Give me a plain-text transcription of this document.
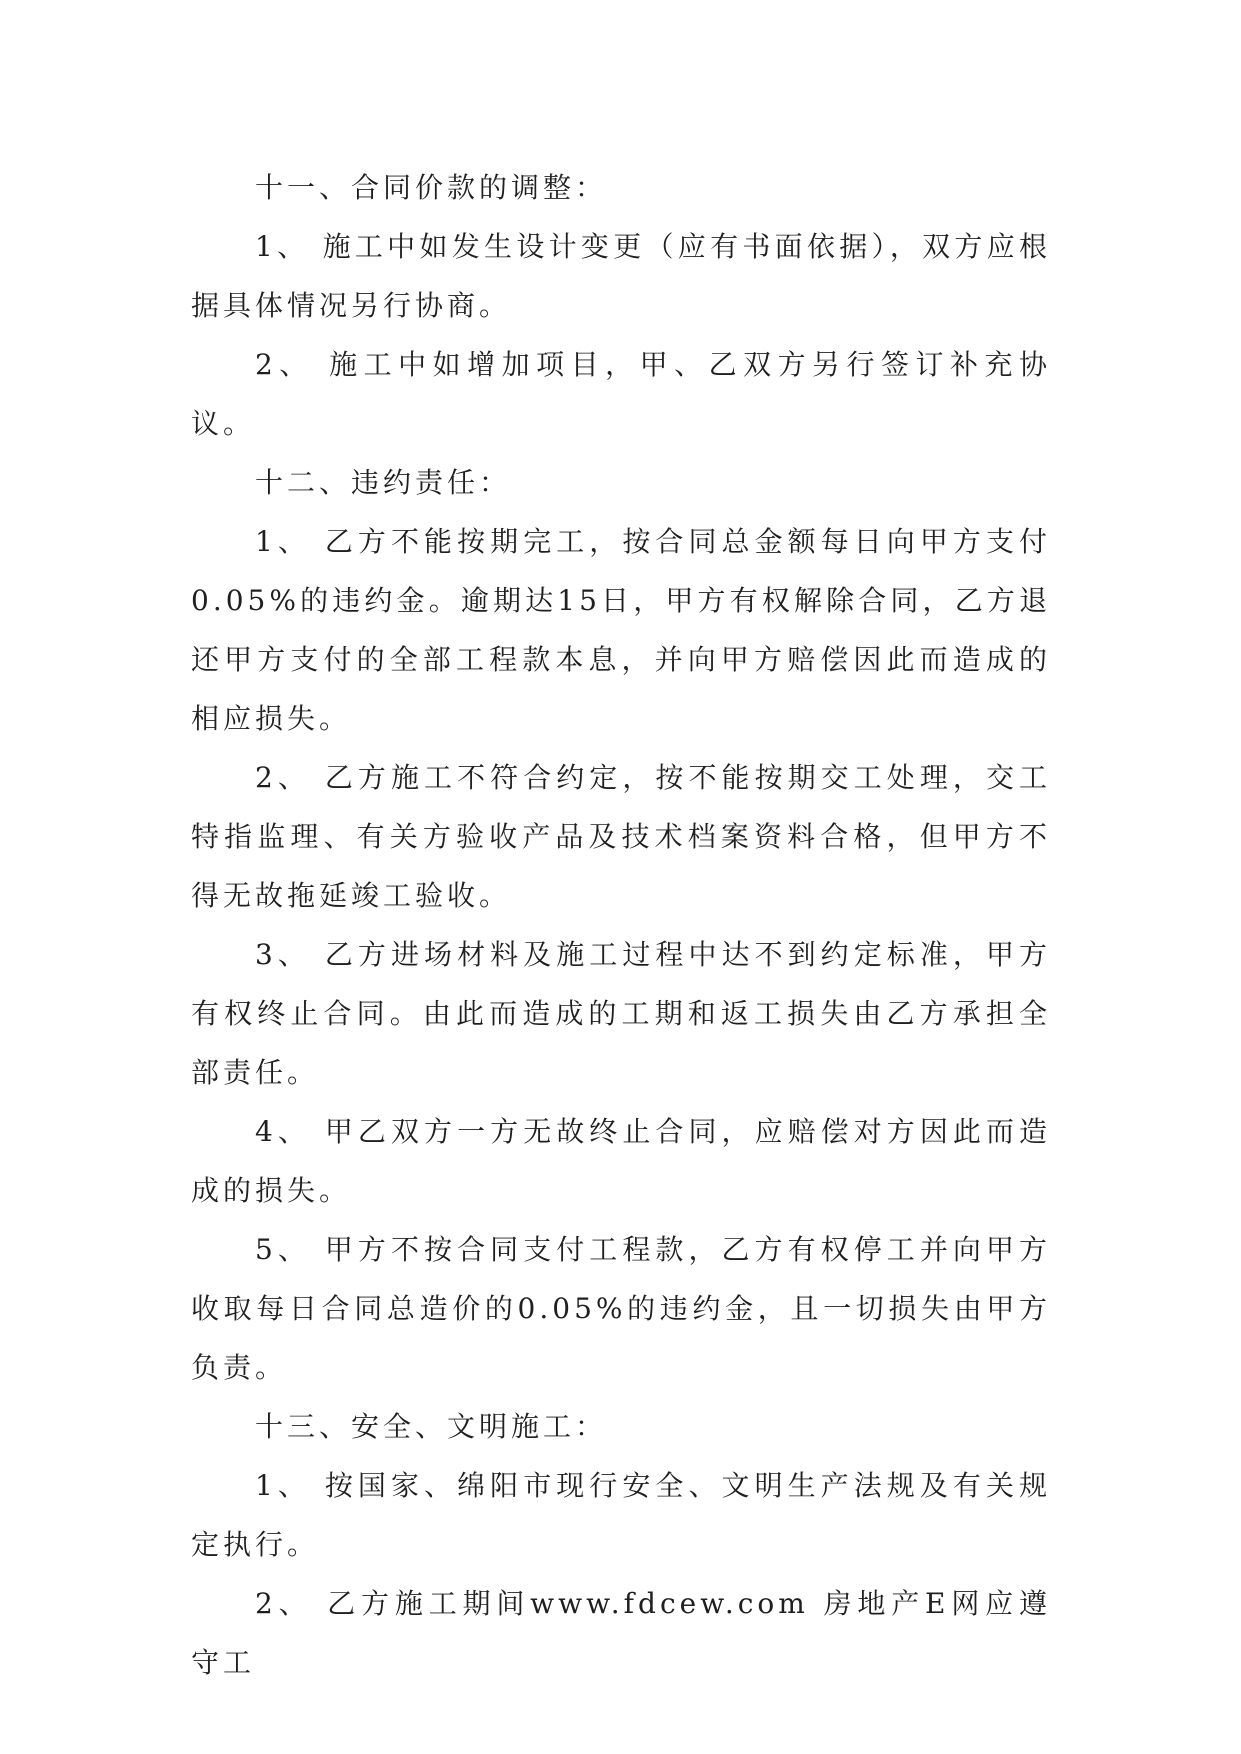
十一、合同价款的调整：

1、 施工中如发生设计变更（应有书面依据），双方应根据具体情况另行协商。

2、 施工中如增加项目，甲、乙双方另行签订补充协议。

十二、违约责任：

1、 乙方不能按期完工，按合同总金额每日向甲方支付0.05%的违约金。逾期达15日，甲方有权解除合同，乙方退还甲方支付的全部工程款本息，并向甲方赔偿因此而造成的相应损失。

2、 乙方施工不符合约定，按不能按期交工处理，交工特指监理、有关方验收产品及技术档案资料合格，但甲方不得无故拖延竣工验收。

3、 乙方进场材料及施工过程中达不到约定标准，甲方有权终止合同。由此而造成的工期和返工损失由乙方承担全部责任。

4、 甲乙双方一方无故终止合同，应赔偿对方因此而造成的损失。

5、 甲方不按合同支付工程款，乙方有权停工并向甲方收取每日合同总造价的0.05%的违约金，且一切损失由甲方负责。

十三、安全、文明施工：

1、 按国家、绵阳市现行安全、文明生产法规及有关规定执行。

2、 乙方施工期间www.fdcew.com 房地产E网应遵守工
